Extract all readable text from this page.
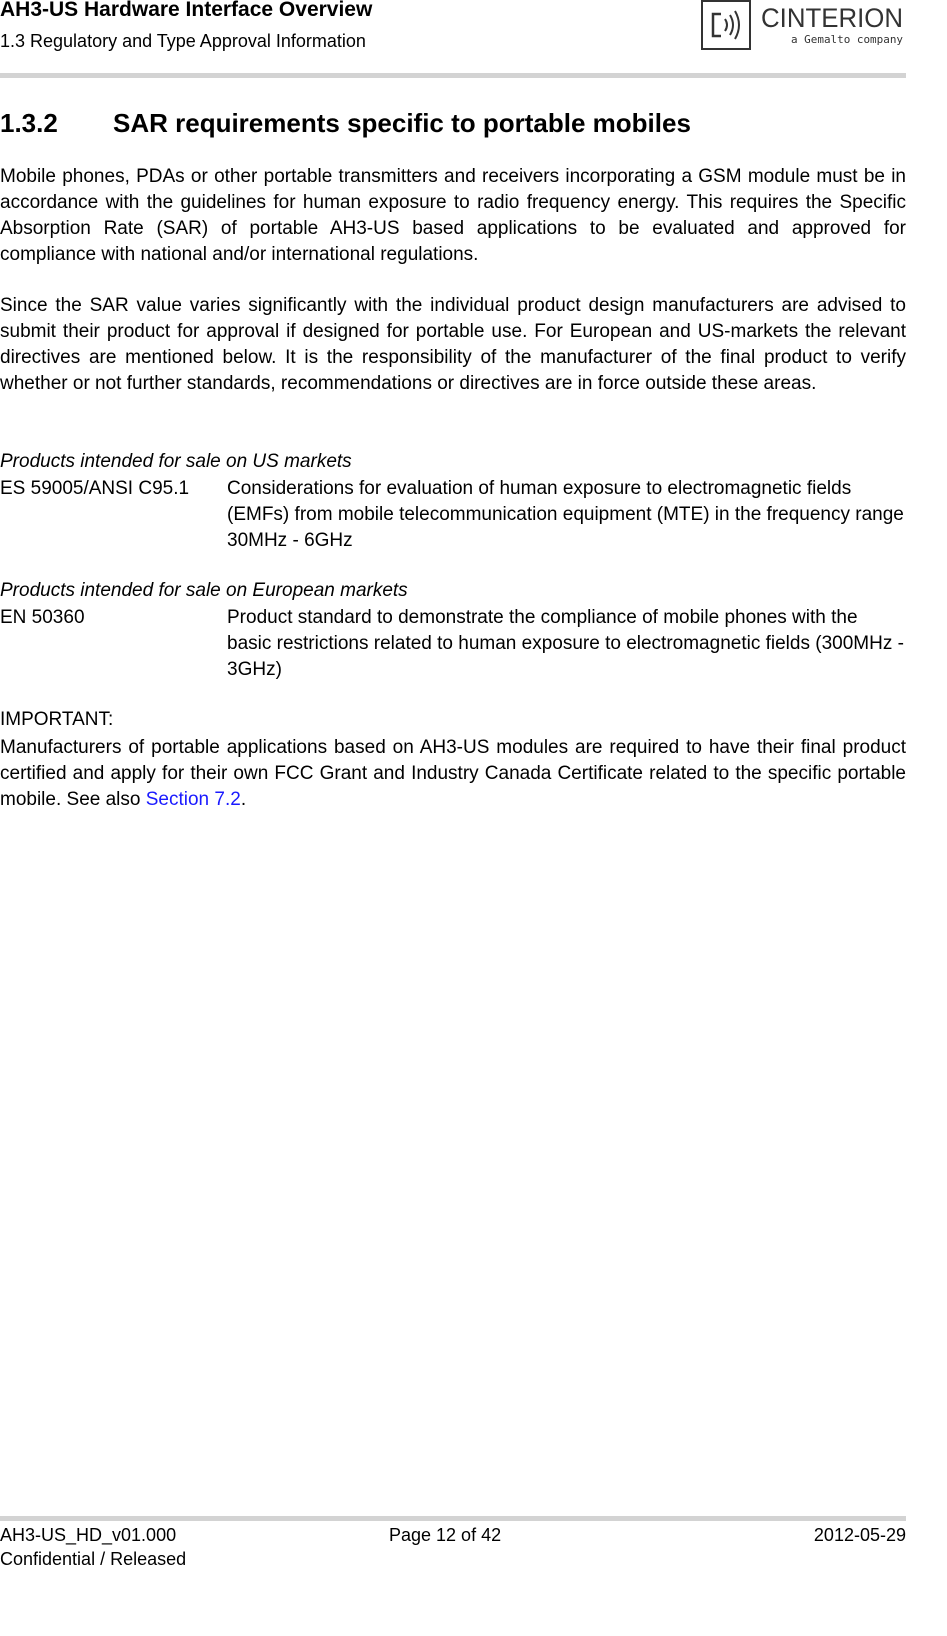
AH3-US Hardware Interface Overview
1.3 Regulatory and Type Approval Information
CINTERION
a Gemalto company
1.3.2 SAR requirements specific to portable mobiles

Mobile phones, PDAs or other portable transmitters and receivers incorporating a GSM module must be in accordance with the guidelines for human exposure to radio frequency energy. This requires the Specific Absorption Rate (SAR) of portable AH3-US based applications to be evaluated and approved for compliance with national and/or international regulations.

Since the SAR value varies significantly with the individual product design manufacturers are advised to submit their product for approval if designed for portable use. For European and US-markets the relevant directives are mentioned below. It is the responsibility of the manufacturer of the final product to verify whether or not further standards, recommendations or directives are in force outside these areas.

Products intended for sale on US markets
ES 59005/ANSI C95.1 Considerations for evaluation of human exposure to electromagnetic fields (EMFs) from mobile telecommunication equipment (MTE) in the frequency range 30MHz - 6GHz
Products intended for sale on European markets
EN 50360	Product standard to demonstrate the compliance of mobile phones with the basic restrictions related to human exposure to electromagnetic fields (300MHz - 3GHz)
IMPORTANT:

Manufacturers of portable applications based on AH3-US modules are required to have their final product certified and apply for their own FCC Grant and Industry Canada Certificate related to the specific portable mobile. See also Section 7.2.

AH3-US_HD_v01.000
Confidential / Released
Page 12 of 42	2012-05-29
